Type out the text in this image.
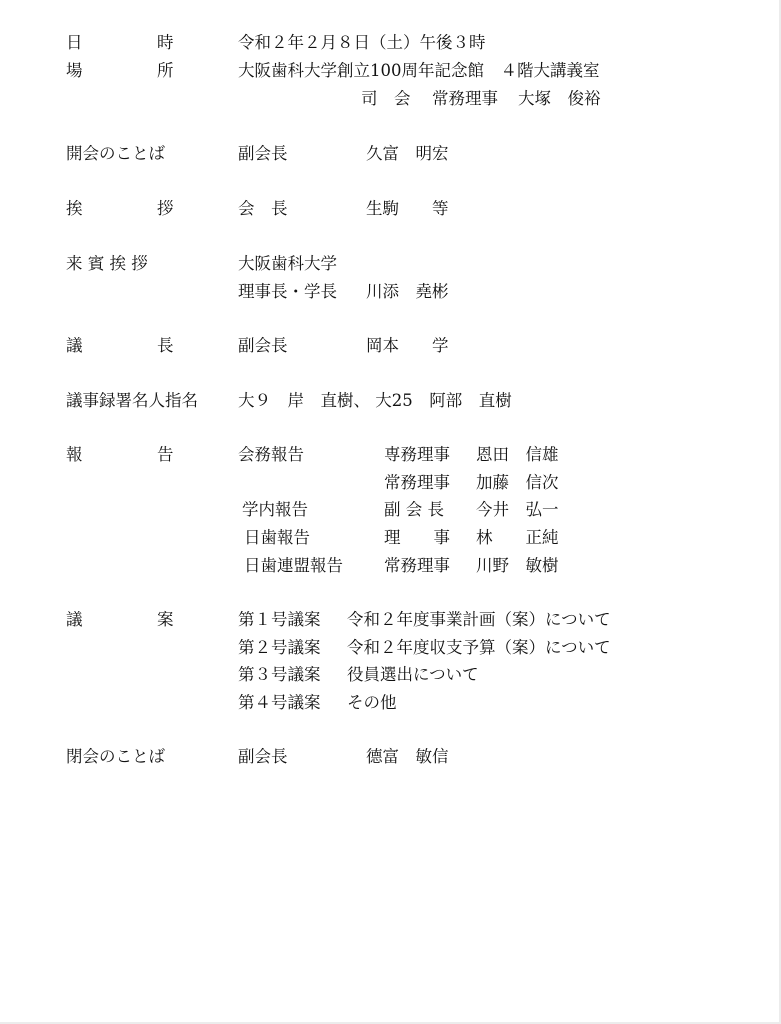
日	時	令和２年２月８日（土）午後３時
場	所	大阪歯科大学創立100周年記念館　４階大講義室
司　会 常務理事 大塚　俊裕
開会のことば	副会長	久富　明宏
挨	拶	会　長	生駒　　等
来 賓 挨 拶	大阪歯科大学
理事長・学長 川添　堯彬
議	長	副会長	岡本　　学
議事録署名人指名 大９　岸　直樹、 大25　阿部　直樹
報	告	会務報告	専務理事 恩田　信雄
常務理事 加藤　信次
学内報告	副 会 長 今井　弘一
日歯報告	理　　事 林　　正純
日歯連盟報告 常務理事 川野　敏樹
議	案	第１号議案 令和２年度事業計画（案）について
第２号議案 令和２年度収支予算（案）について
第３号議案 役員選出について
第４号議案 その他
閉会のことば	副会長	德富　敏信
